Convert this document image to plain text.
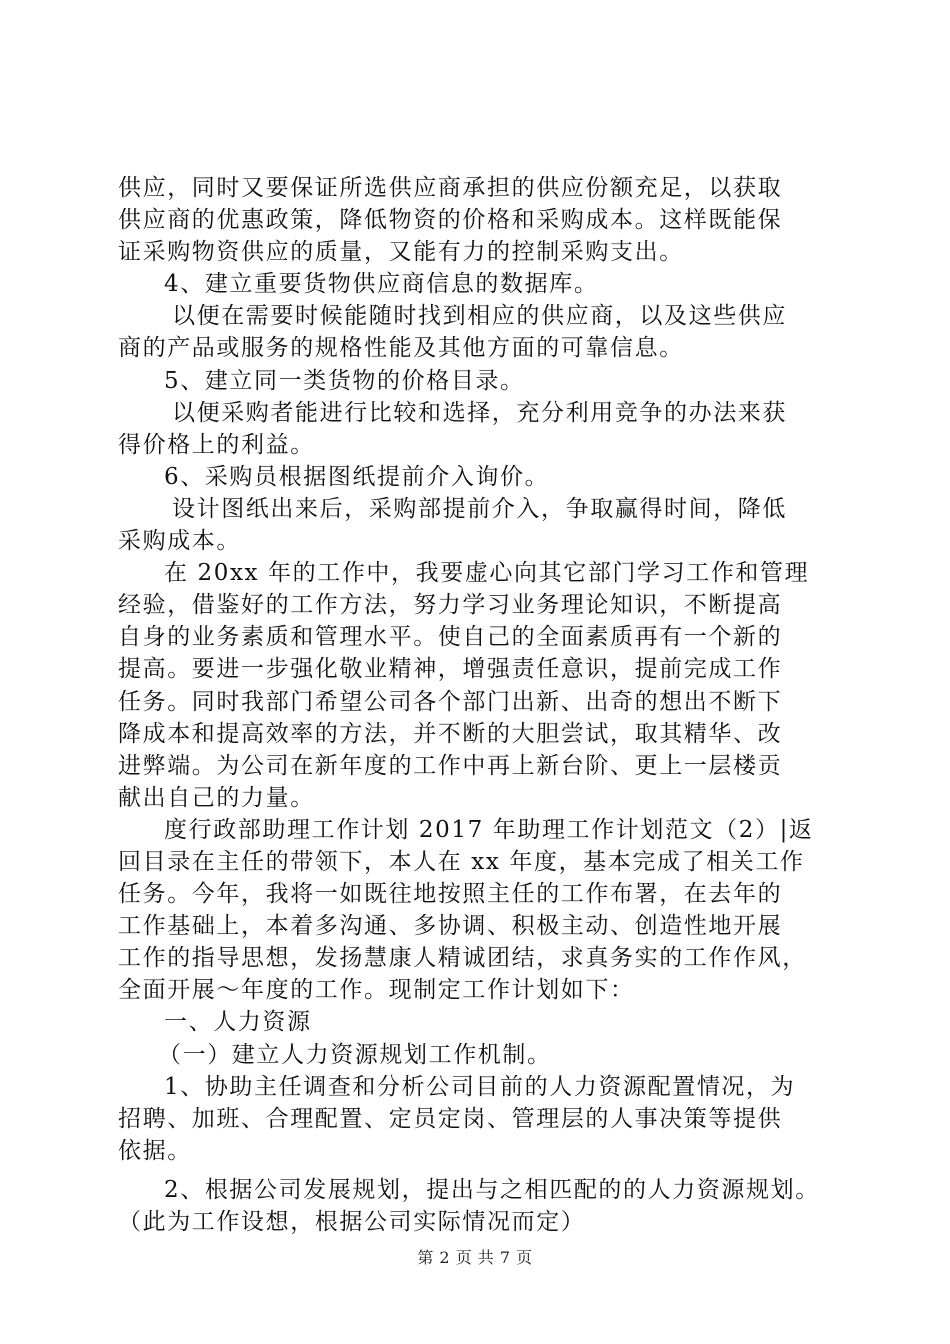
供应，同时又要保证所选供应商承担的供应份额充足，以获取
供应商的优惠政策，降低物资的价格和采购成本。这样既能保
证采购物资供应的质量，又能有力的控制采购支出。
4、建立重要货物供应商信息的数据库。
以便在需要时候能随时找到相应的供应商，以及这些供应
商的产品或服务的规格性能及其他方面的可靠信息。
5、建立同一类货物的价格目录。
以便采购者能进行比较和选择，充分利用竞争的办法来获
得价格上的利益。
6、采购员根据图纸提前介入询价。
设计图纸出来后，采购部提前介入，争取赢得时间，降低
采购成本。
在 20xx 年的工作中，我要虚心向其它部门学习工作和管理
经验，借鉴好的工作方法，努力学习业务理论知识，不断提高
自身的业务素质和管理水平。使自己的全面素质再有一个新的
提高。要进一步强化敬业精神，增强责任意识，提前完成工作
任务。同时我部门希望公司各个部门出新、出奇的想出不断下
降成本和提高效率的方法，并不断的大胆尝试，取其精华、改
进弊端。为公司在新年度的工作中再上新台阶、更上一层楼贡
献出自己的力量。
度行政部助理工作计划 2017 年助理工作计划范文（2）|返
回目录在主任的带领下，本人在 xx 年度，基本完成了相关工作
任务。今年，我将一如既往地按照主任的工作布署，在去年的
工作基础上，本着多沟通、多协调、积极主动、创造性地开展
工作的指导思想，发扬慧康人精诚团结，求真务实的工作作风，
全面开展～年度的工作。现制定工作计划如下：
一、人力资源
（一）建立人力资源规划工作机制。
1、协助主任调查和分析公司目前的人力资源配置情况，为
招聘、加班、合理配置、定员定岗、管理层的人事决策等提供
依据。
2、根据公司发展规划，提出与之相匹配的的人力资源规划。
（此为工作设想，根据公司实际情况而定）
第 2 页 共 7 页
